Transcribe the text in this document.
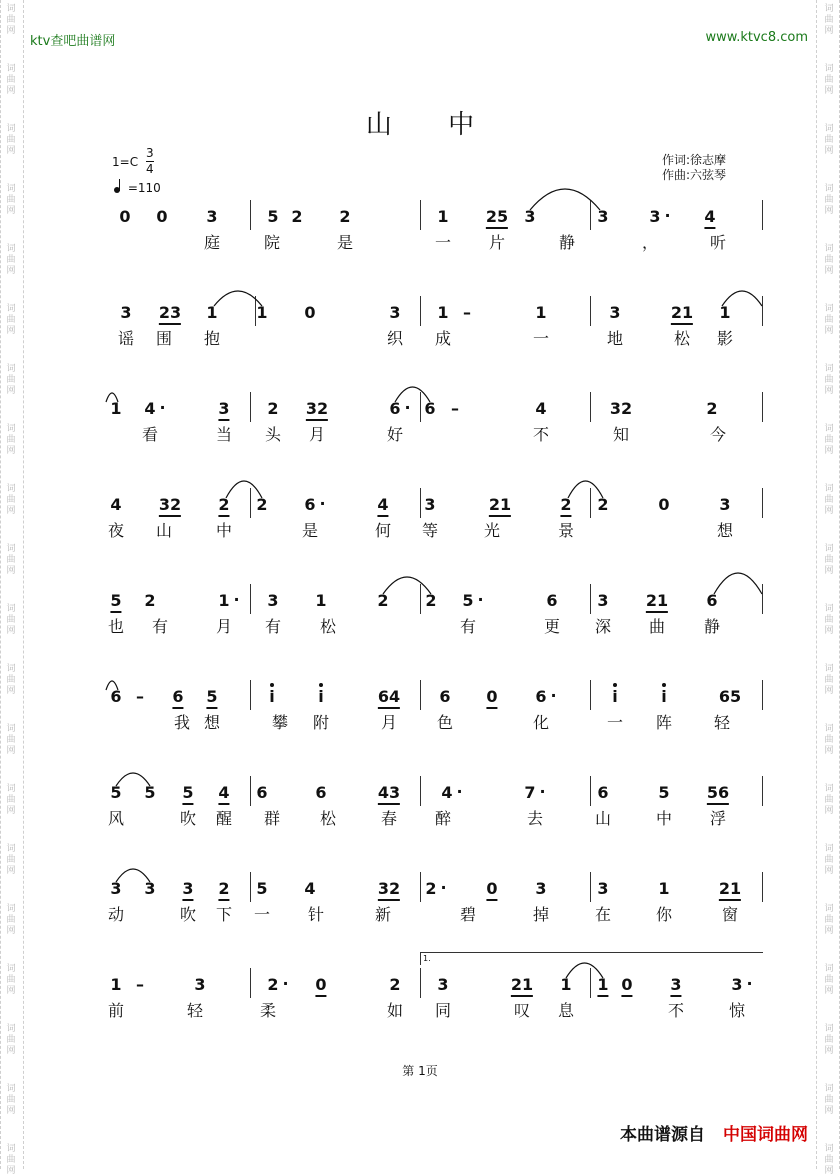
词
曲
网
词
曲
网
词
曲
网
词
曲
网
词
曲
网
词
曲
网
词
曲
网
词
曲
网
词
曲
网
词
曲
网
词
曲
网
词
曲
网
词
曲
网
词
曲
网
词
曲
网
词
曲
网
词
曲
网
词
曲
网
词
曲
网
词
曲
网
词
曲
网
词
曲
网
词
曲
网
词
曲
网
词
曲
网
词
曲
网
词
曲
网
词
曲
网
词
曲
网
词
曲
网
词
曲
网
词
曲
网
词
曲
网
词
曲
网
词
曲
网
词
曲
网
词
曲
网
词
曲
网
词
曲
网
词
曲
网
ktv查吧曲谱网	www.ktvc8.com
山 中
1=C
3
4
=110
作词:徐志摩
作曲:六弦琴
0 0 3	5 2 2	1 25 3	3	3 ·	4
庭	院	是	一 片	静	，	听
3 23 1 1 0	3 1 –	1	3	21 1
谣 围 抱	织 成	一	地	松 影
1 4 ·	3 2 32	6 · 6 –	4	32	2
看	当 头 月	好	不	知	今
4 32 2 2 6 ·	4 3	21	2 2	0	3
夜 山	中	是	何 等	光	景	想
5 2	1 · 3 1	2 2 5 ·	6 3 21 6
也 有	月 有 松	有	更 深 曲 静
6 – 6 5	i	i	64 6 0 6 ·	i	i	65
我 想	攀 附	月 色	化	一 阵	轻
5 5 5 4 6	6	43	4 ·	7 ·	6	5 56
风	吹 醒 群 松	春 醉	去	山	中 浮
3 3 3 2 5 4	32 2 ·	0 3	3	1	21
动	吹 下 一 针	新	碧	掉	在	你	窗
1 –	3	2 · 0	2 3	21 1 1 0 3	3 ·
前	轻	柔	如 同	叹 息	不	惊
1.
第 1页
本曲谱源自 中国词曲网
